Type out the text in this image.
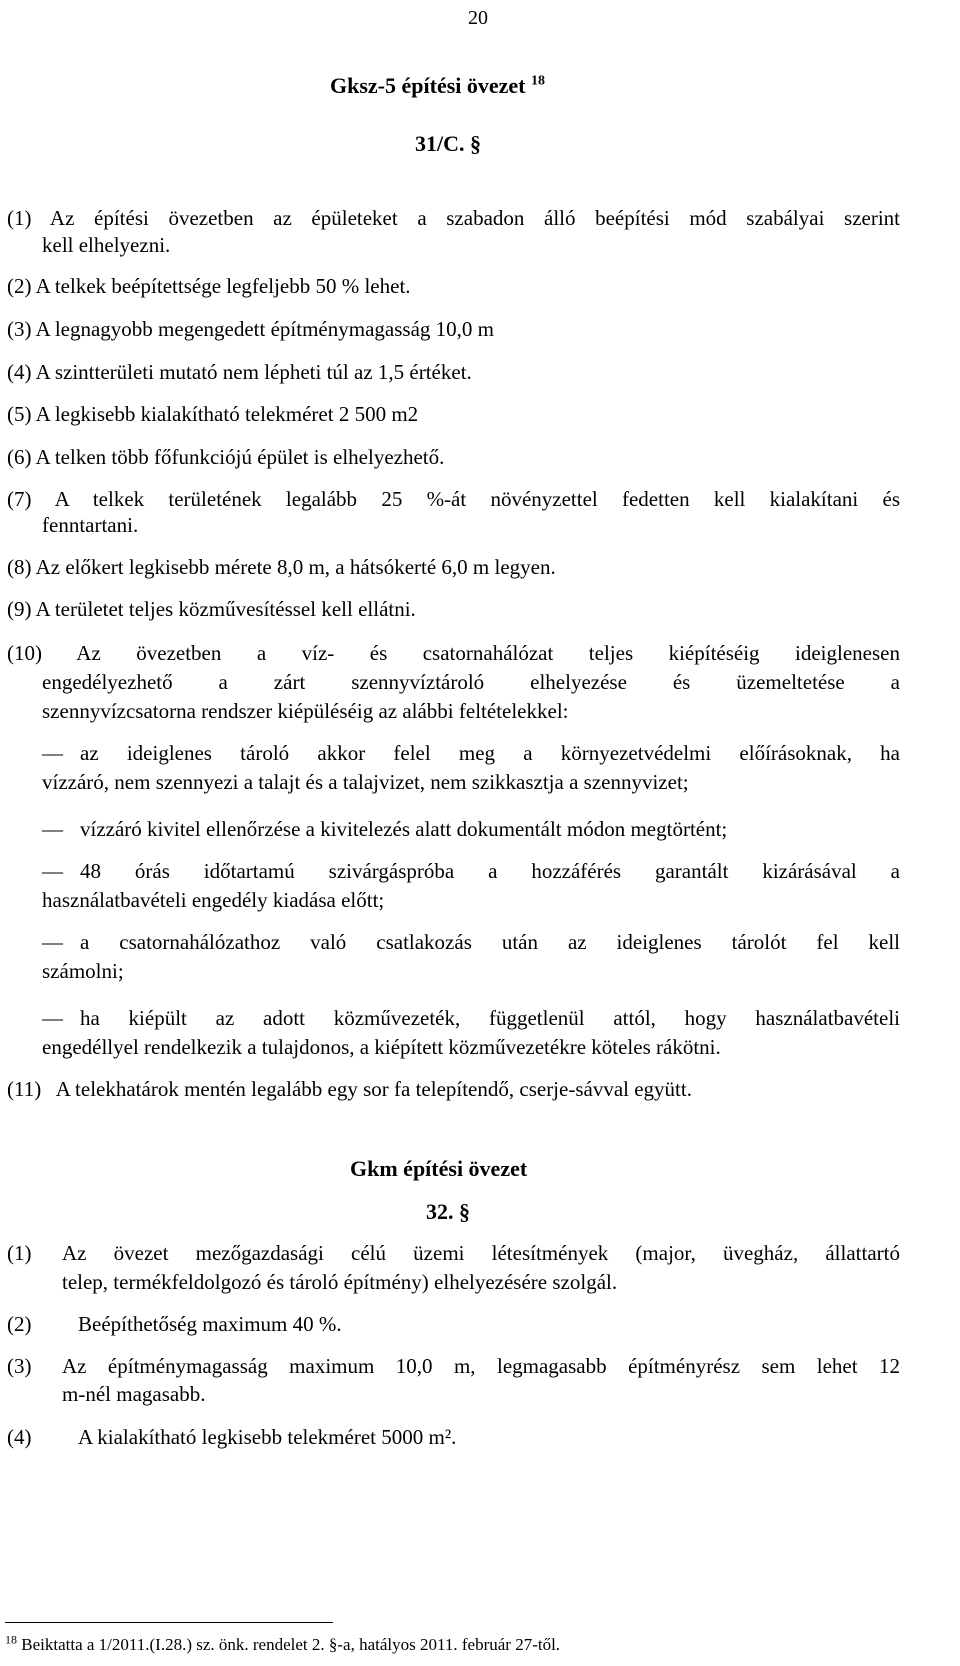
20
Gksz-5 építési övezet $^{18}$
31/C. §
(1) Az építési övezetben az épületeket a szabadon álló beépítési mód szabályai szerint
kell elhelyezni.
(2) A telkek beépítettsége legfeljebb 50 % lehet.
(3) A legnagyobb megengedett építménymagasság 10,0 m
(4) A szintterületi mutató nem lépheti túl az 1,5 értéket.
(5) A legkisebb kialakítható telekméret 2 500 m2
(6) A telken több főfunkciójú épület is elhelyezhető.
(7) A telkek területének legalább 25 %-át növényzettel fedetten kell kialakítani és
fenntartani.
(8) Az előkert legkisebb mérete 8,0 m, a hátsókerté 6,0 m legyen.
(9) A területet teljes közművesítéssel kell ellátni.
(10) Az övezetben a víz- és csatornahálózat teljes kiépítéséig ideiglenesen
engedélyezhető a zárt szennyvíztároló elhelyezése és üzemeltetése a
szennyvízcsatorna rendszer kiépüléséig az alábbi feltételekkel:
— az ideiglenes tároló akkor felel meg a környezetvédelmi előírásoknak, ha
vízzáró, nem szennyezi a talajt és a talajvizet, nem szikkasztja a szennyvizet;
— vízzáró kivitel ellenőrzése a kivitelezés alatt dokumentált módon megtörtént;
— 48 órás időtartamú szivárgáspróba a hozzáférés garantált kizárásával a
használatbavételi engedély kiadása előtt;
— a csatornahálózathoz való csatlakozás után az ideiglenes tárolót fel kell
számolni;
— ha kiépült az adott közművezeték, függetlenül attól, hogy használatbavételi
engedéllyel rendelkezik a tulajdonos, a kiépített közművezetékre köteles rákötni.
(11)   A telekhatárok mentén legalább egy sor fa telepítendő, cserje-sávval együtt.
Gkm építési övezet
32. §
(1) Az övezet mezőgazdasági célú üzemi létesítmények (major, üvegház, állattartó
telep, termékfeldolgozó és tároló építmény) elhelyezésére szolgál.
(2) Beépíthetőség maximum 40 %.
(3) Az építménymagasság maximum 10,0 m, legmagasabb építményrész sem lehet 12
m-nél magasabb.
(4) A kialakítható legkisebb telekméret 5000 m².
$^{18}$ Beiktatta a 1/2011.(I.28.) sz. önk. rendelet 2. §-a, hatályos 2011. február 27-től.
